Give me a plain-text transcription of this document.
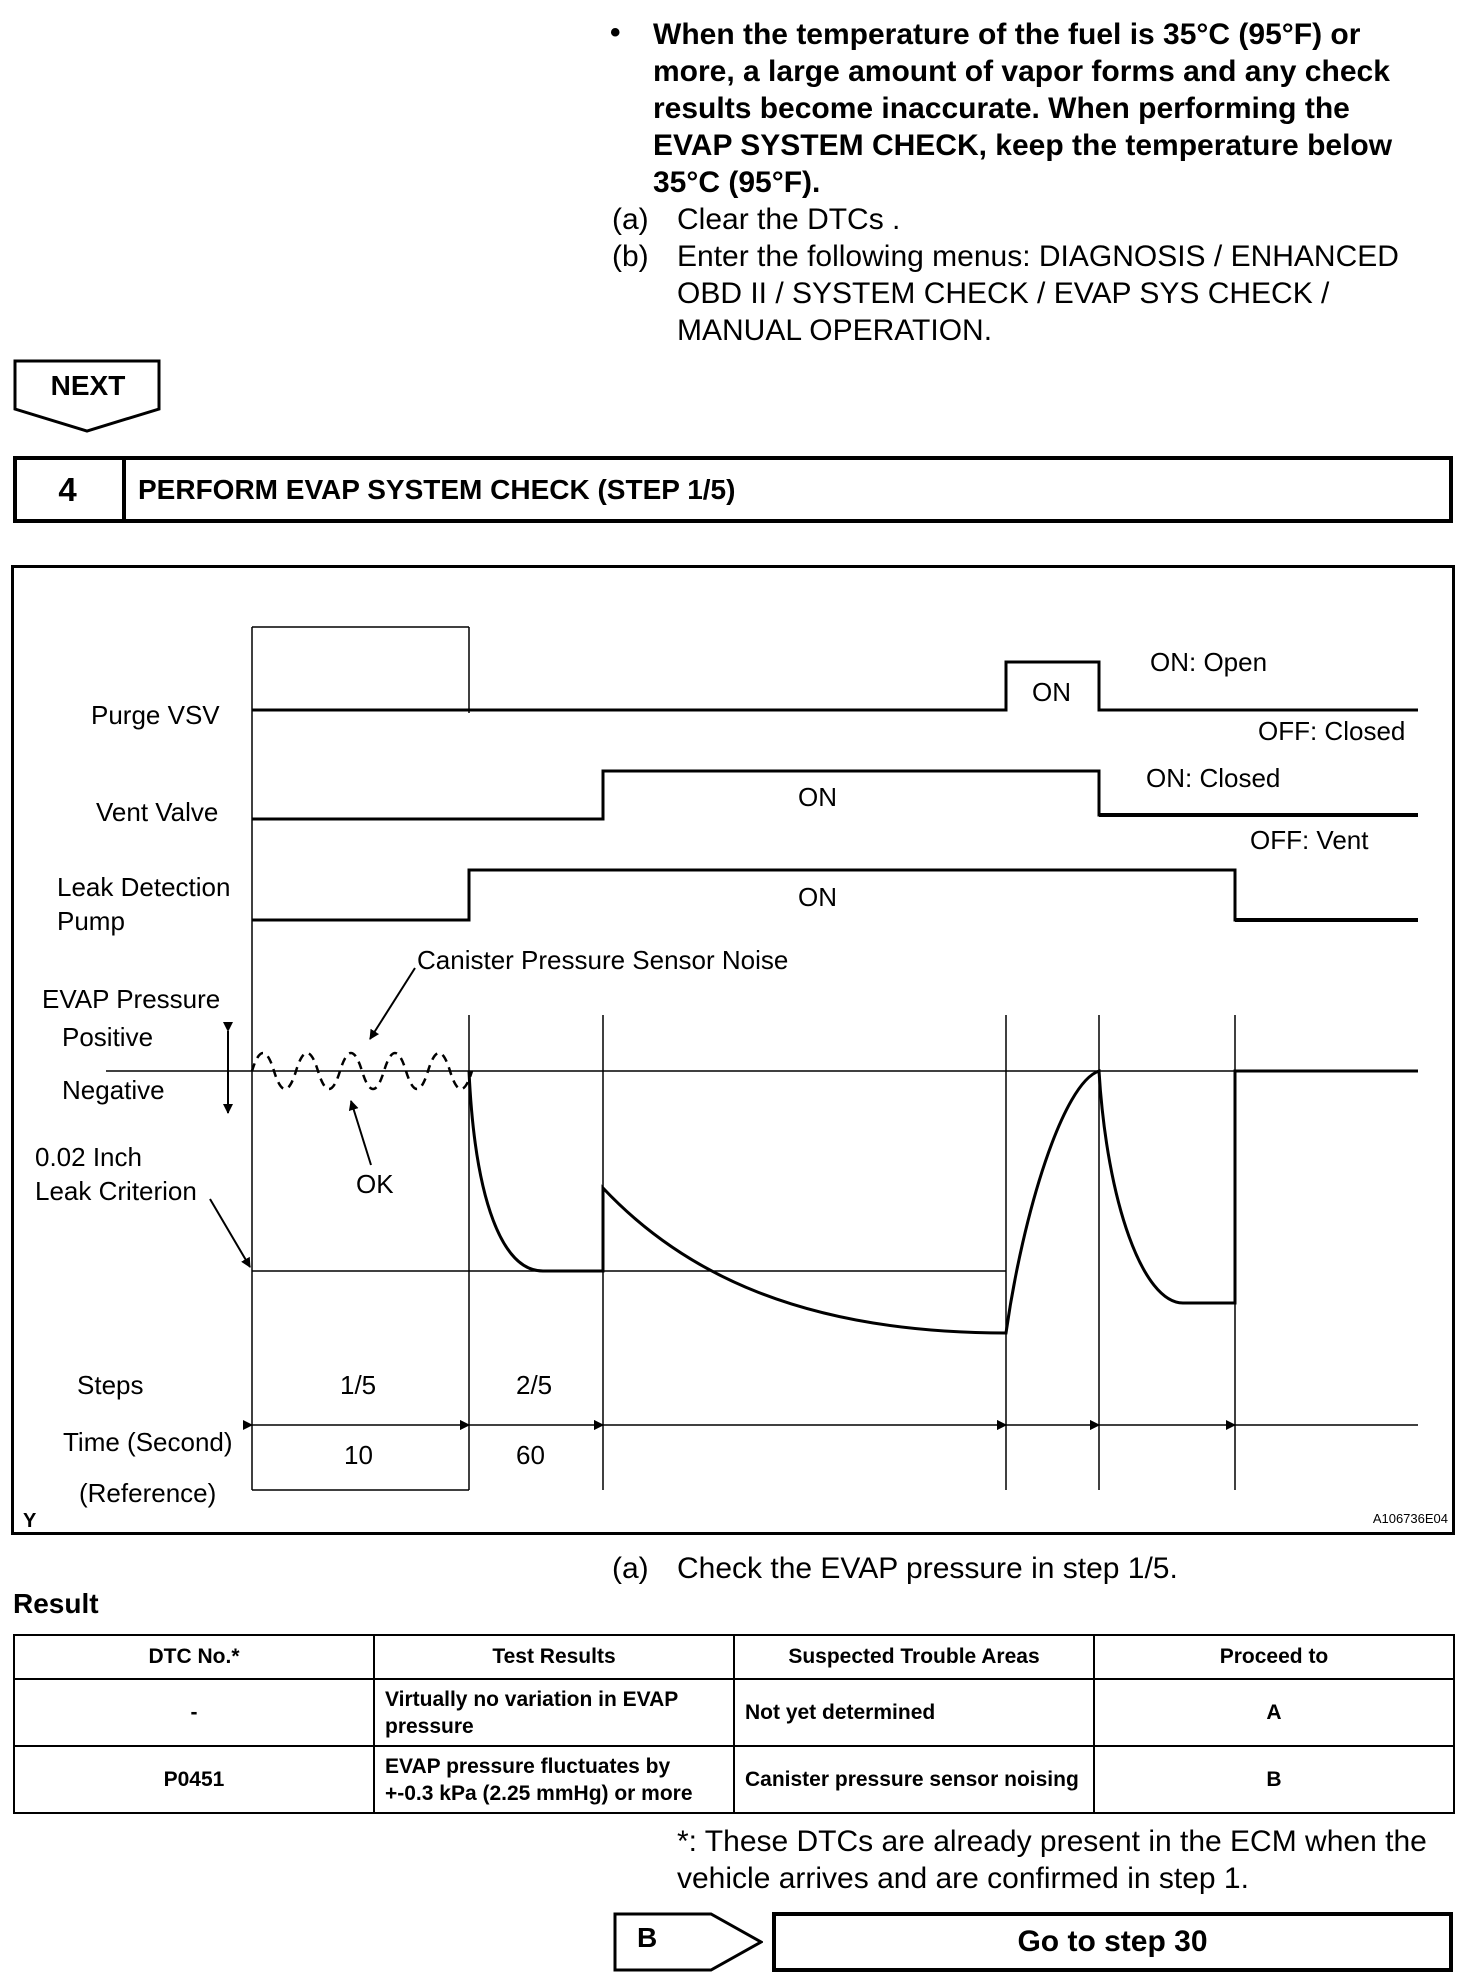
• When the temperature of the fuel is 35°C (95°F) or
more, a large amount of vapor forms and any check
results become inaccurate. When performing the
EVAP SYSTEM CHECK, keep the temperature below
35°C (95°F).
(a) Clear the DTCs .
(b) Enter the following menus: DIAGNOSIS / ENHANCED
OBD II / SYSTEM CHECK / EVAP SYS CHECK /
MANUAL OPERATION.
NEXT
4	PERFORM EVAP SYSTEM CHECK (STEP 1/5)
Purge VSV
Vent Valve
Leak Detection
Pump
EVAP Pressure
Positive
Negative
0.02 Inch
Leak Criterion
Steps
Time (Second)
(Reference)
ON
ON: Open
OFF: Closed
ON
ON: Closed
OFF: Vent
ON
Canister Pressure Sensor Noise
OK
1/5	2/5
10	60
Y	A106736E04
(a) Check the EVAP pressure in step 1/5.
Result
DTC No.*	Test Results	Suspected Trouble Areas	Proceed to
-	Virtually no variation in EVAP pressure	Not yet determined	A
P0451	EVAP pressure fluctuates by +-0.3 kPa (2.25 mmHg) or more	Canister pressure sensor noising	B
*: These DTCs are already present in the ECM when the
vehicle arrives and are confirmed in step 1.
B	Go to step 30
